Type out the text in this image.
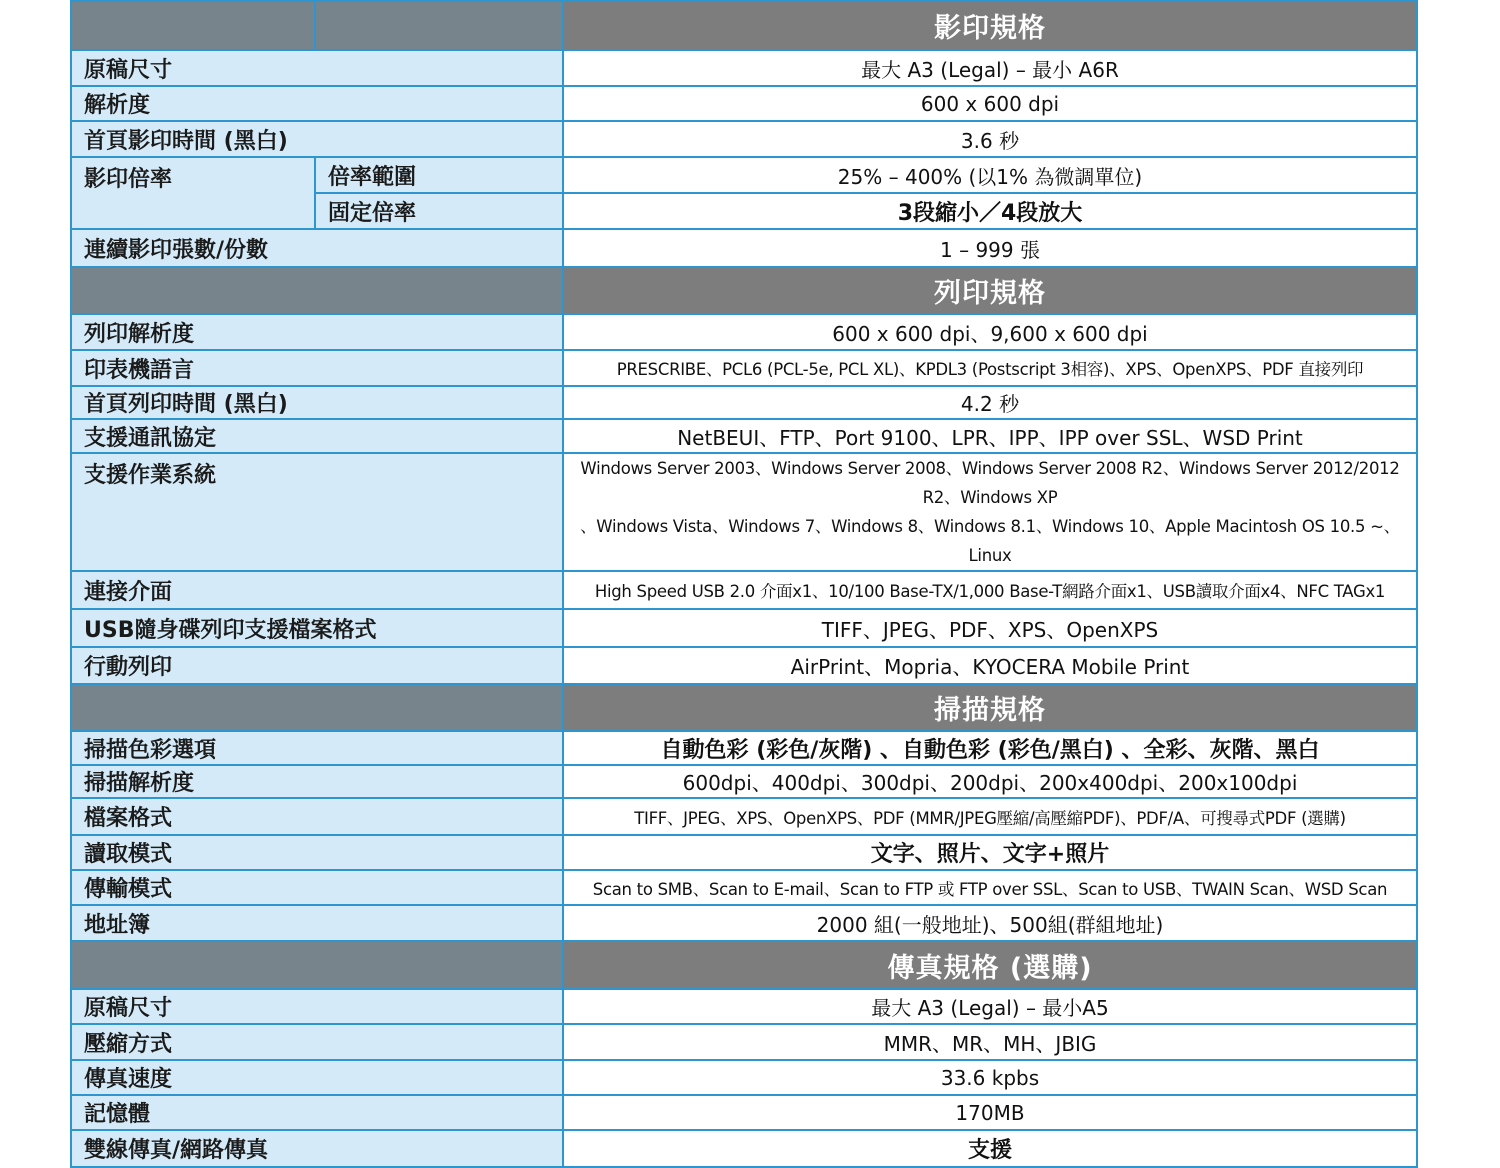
		影印規格
原稿尺寸		最大 A3 (Legal) – 最小 A6R
解析度		600 x 600 dpi
首頁影印時間 (黑白)		3.6 秒
影印倍率	倍率範圍	25% – 400% (以1% 為微調單位)
	固定倍率	3段縮小／4段放大
連續影印張數/份數		1 – 999 張
		列印規格
列印解析度		600 x 600 dpi、9,600 x 600 dpi
印表機語言		PRESCRIBE、PCL6 (PCL-5e, PCL XL)、KPDL3 (Postscript 3相容)、XPS、OpenXPS、PDF 直接列印
首頁列印時間 (黑白)		4.2 秒
支援通訊協定		NetBEUI、FTP、Port 9100、LPR、IPP、IPP over SSL、WSD Print
支援作業系統		Windows Server 2003、Windows Server 2008、Windows Server 2008 R2、Windows Server 2012/2012 R2、Windows XP
、Windows Vista、Windows 7、Windows 8、Windows 8.1、Windows 10、Apple Macintosh OS 10.5 ~、Linux

連接介面		High Speed USB 2.0 介面x1、10/100 Base-TX/1,000 Base-T網路介面x1、USB讀取介面x4、NFC TAGx1
USB隨身碟列印支援檔案格式		TIFF、JPEG、PDF、XPS、OpenXPS
行動列印		AirPrint、Mopria、KYOCERA Mobile Print
		掃描規格
掃描色彩選項		自動色彩 (彩色/灰階) 、自動色彩 (彩色/黑白) 、全彩、灰階、黑白
掃描解析度		600dpi、400dpi、300dpi、200dpi、200x400dpi、200x100dpi
檔案格式		TIFF、JPEG、XPS、OpenXPS、PDF (MMR/JPEG壓縮/高壓縮PDF)、PDF/A、可搜尋式PDF (選購)
讀取模式		文字、照片、文字+照片
傳輸模式		Scan to SMB、Scan to E-mail、Scan to FTP 或 FTP over SSL、Scan to USB、TWAIN Scan、WSD Scan
地址簿		2000 組(一般地址)、500組(群組地址)
		傳真規格 (選購)
原稿尺寸		最大 A3 (Legal) – 最小A5
壓縮方式		MMR、MR、MH、JBIG
傳真速度		33.6 kpbs
記憶體		170MB
雙線傳真/網路傳真		支援
